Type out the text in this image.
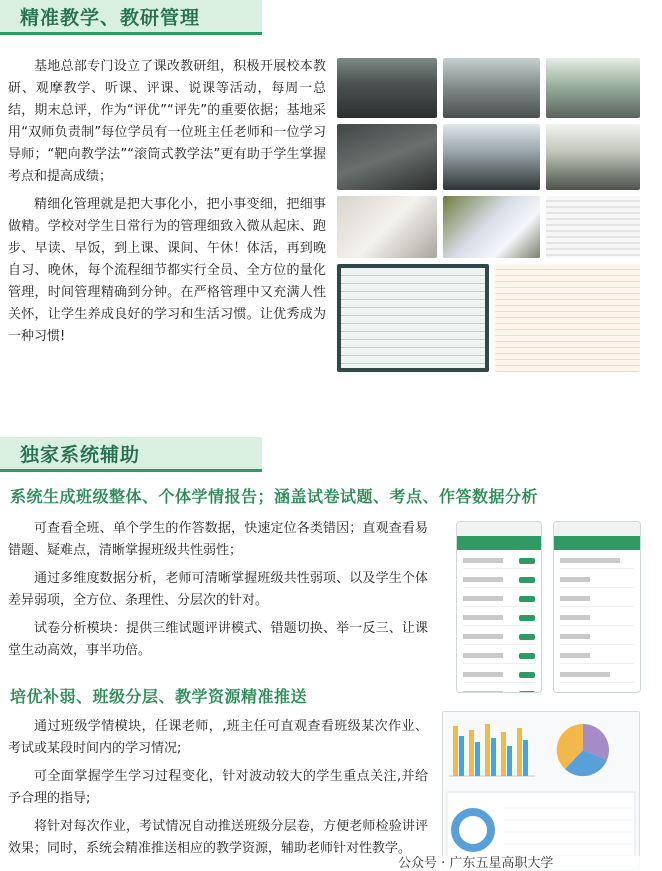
精准教学、教研管理

基地总部专门设立了课改教研组，积极开展校本教研、观摩教学、听课、评课、说课等活动，每周一总结，期末总评，作为“评优”“评先”的重要依据；基地采用“双师负责制”每位学员有一位班主任老师和一位学习导师；“靶向教学法”“滚筒式教学法”更有助于学生掌握考点和提高成绩；

精细化管理就是把大事化小，把小事变细，把细事做精。学校对学生日常行为的管理细致入微从起床、跑步、早读、早饭，到上课、课间、午休！体活，再到晚自习、晚休，每个流程细节都实行全员、全方位的量化管理，时间管理精确到分钟。在严格管理中又充满人性关怀，让学生养成良好的学习和生活习惯。让优秀成为一种习惯!

独家系统辅助
系统生成班级整体、个体学情报告；涵盖试卷试题、考点、作答数据分析

可查看全班、单个学生的作答数据，快速定位各类错因；直观查看易错题、疑难点，清晰掌握班级共性弱性；

通过多维度数据分析，老师可清晰掌握班级共性弱项、以及学生个体差异弱项，全方位、条理性、分层次的针对。

试卷分析模块：提供三维试题评讲模式、错题切换、举一反三、让课堂生动高效，事半功倍。

培优补弱、班级分层、教学资源精准推送

通过班级学情模块，任课老师，,班主任可直观查看班级某次作业、考试或某段时间内的学习情况;

可全面掌握学生学习过程变化，针对波动较大的学生重点关注,并给予合理的指导;

将针对每次作业，考试情况自动推送班级分层卷，方便老师检验讲评效果；同时，系统会精准推送相应的教学资源，辅助老师针对性教学。

公众号 · 广东五星高职大学
